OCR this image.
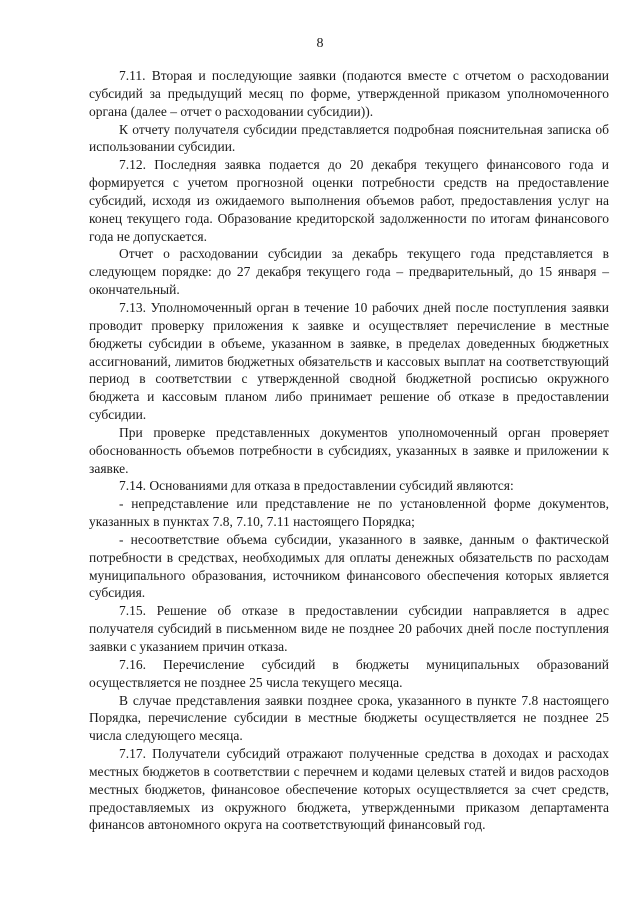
8

7.11. Вторая и последующие заявки (подаются вместе с отчетом о расходовании субсидий за предыдущий месяц по форме, утвержденной приказом уполномоченного органа (далее – отчет о расходовании субсидии)).

К отчету получателя субсидии представляется подробная пояснительная записка об использовании субсидии.

7.12. Последняя заявка подается до 20 декабря текущего финансового года и формируется с учетом прогнозной оценки потребности средств на предоставление субсидий, исходя из ожидаемого выполнения объемов работ, предоставления услуг на конец текущего года. Образование кредиторской задолженности по итогам финансового года не допускается.

Отчет о расходовании субсидии за декабрь текущего года представляется в следующем порядке: до 27 декабря текущего года – предварительный, до 15 января – окончательный.

7.13. Уполномоченный орган в течение 10 рабочих дней после поступления заявки проводит проверку приложения к заявке и осуществляет перечисление в местные бюджеты субсидии в объеме, указанном в заявке, в пределах доведенных бюджетных ассигнований, лимитов бюджетных обязательств и кассовых выплат на соответствующий период в соответствии с утвержденной сводной бюджетной росписью окружного бюджета и кассовым планом либо принимает решение об отказе в предоставлении субсидии.

При проверке представленных документов уполномоченный орган проверяет обоснованность объемов потребности в субсидиях, указанных в заявке и приложении к заявке.

7.14. Основаниями для отказа в предоставлении субсидий являются:

- непредставление или представление не по установленной форме документов, указанных в пунктах 7.8, 7.10, 7.11 настоящего Порядка;

- несоответствие объема субсидии, указанного в заявке, данным о фактической потребности в средствах, необходимых для оплаты денежных обязательств по расходам муниципального образования, источником финансового обеспечения которых является субсидия.

7.15. Решение об отказе в предоставлении субсидии направляется в адрес получателя субсидий в письменном виде не позднее 20 рабочих дней после поступления заявки с указанием причин отказа.

7.16. Перечисление субсидий в бюджеты муниципальных образований осуществляется не позднее 25 числа текущего месяца.

В случае представления заявки позднее срока, указанного в пункте 7.8 настоящего Порядка, перечисление субсидии в местные бюджеты осуществляется не позднее 25 числа следующего месяца.

7.17. Получатели субсидий отражают полученные средства в доходах и расходах местных бюджетов в соответствии с перечнем и кодами целевых статей и видов расходов местных бюджетов, финансовое обеспечение которых осуществляется за счет средств, предоставляемых из окружного бюджета, утвержденными приказом департамента финансов автономного округа на соответствующий финансовый год.
